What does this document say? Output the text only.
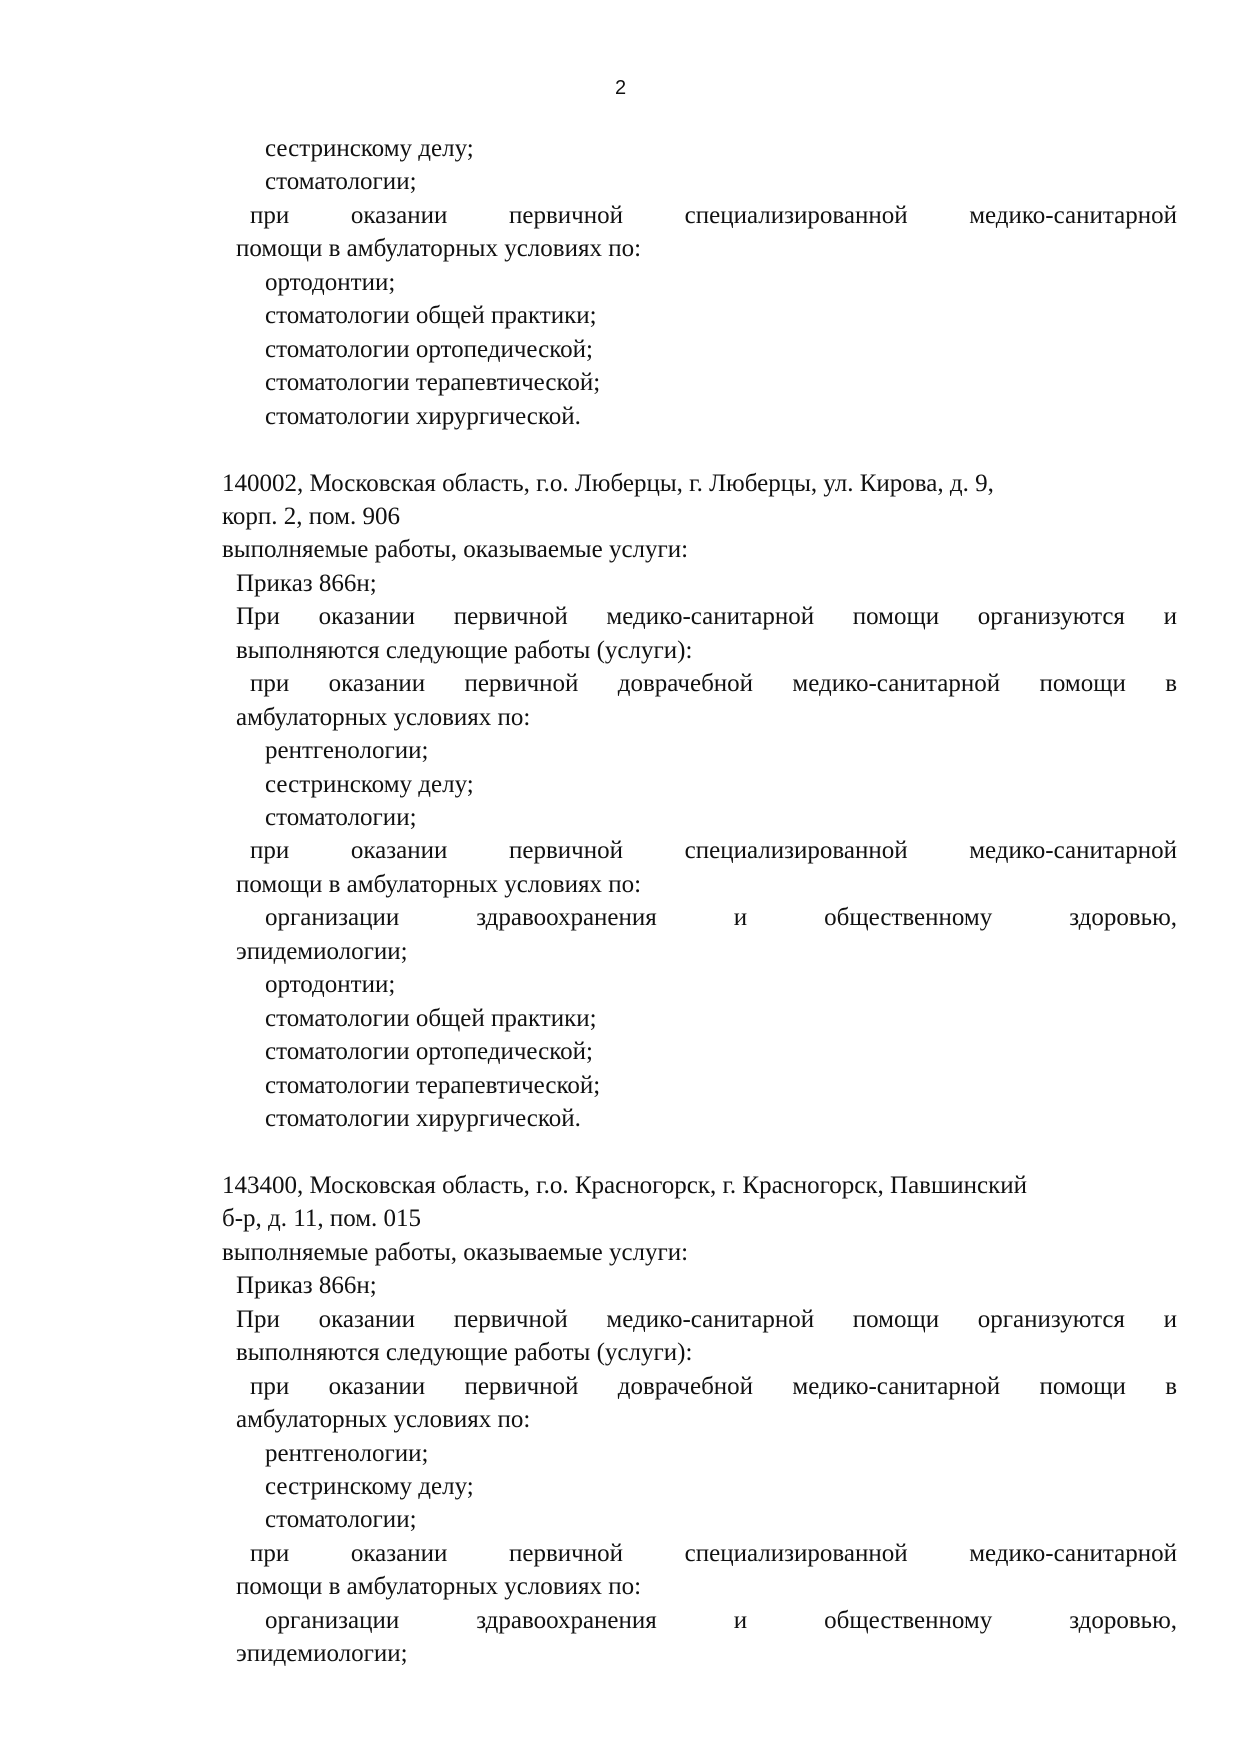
2
сестринскому делу;
стоматологии;
при оказании первичной специализированной медико-санитарной
помощи в амбулаторных условиях по:
ортодонтии;
стоматологии общей практики;
стоматологии ортопедической;
стоматологии терапевтической;
стоматологии хирургической.
140002, Московская область, г.о. Люберцы, г. Люберцы, ул. Кирова, д. 9,
корп. 2, пом. 906
выполняемые работы, оказываемые услуги:
Приказ 866н;
При оказании первичной медико-санитарной помощи организуются и
выполняются следующие работы (услуги):
при оказании первичной доврачебной медико-санитарной помощи в
амбулаторных условиях по:
рентгенологии;
сестринскому делу;
стоматологии;
при оказании первичной специализированной медико-санитарной
помощи в амбулаторных условиях по:
организации	здравоохранения	и	общественному	здоровью,
эпидемиологии;
ортодонтии;
стоматологии общей практики;
стоматологии ортопедической;
стоматологии терапевтической;
стоматологии хирургической.
143400, Московская область, г.о. Красногорск, г. Красногорск, Павшинский
б-р, д. 11, пом. 015
выполняемые работы, оказываемые услуги:
Приказ 866н;
При оказании первичной медико-санитарной помощи организуются и
выполняются следующие работы (услуги):
при оказании первичной доврачебной медико-санитарной помощи в
амбулаторных условиях по:
рентгенологии;
сестринскому делу;
стоматологии;
при оказании первичной специализированной медико-санитарной
помощи в амбулаторных условиях по:
организации	здравоохранения	и	общественному	здоровью,
эпидемиологии;
